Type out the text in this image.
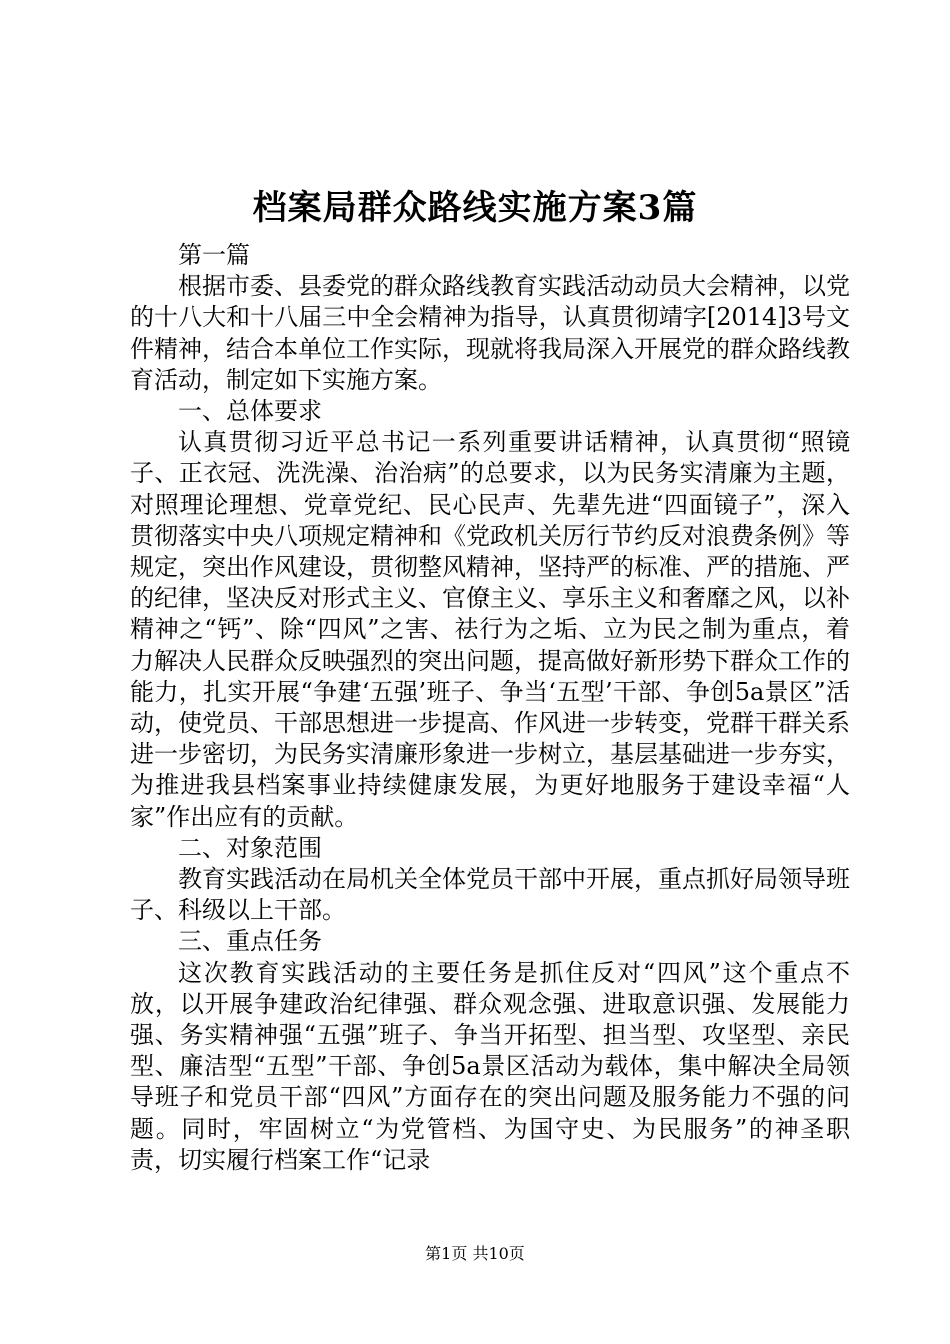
档案局群众路线实施方案3篇

第一篇

根据市委、县委党的群众路线教育实践活动动员大会精神，以党的十八大和十八届三中全会精神为指导，认真贯彻靖字[2014]3号文件精神，结合本单位工作实际，现就将我局深入开展党的群众路线教育活动，制定如下实施方案。

一、总体要求

认真贯彻习近平总书记一系列重要讲话精神，认真贯彻“照镜子、正衣冠、洗洗澡、治治病”的总要求，以为民务实清廉为主题，对照理论理想、党章党纪、民心民声、先辈先进“四面镜子”，深入贯彻落实中央八项规定精神和《党政机关厉行节约反对浪费条例》等规定，突出作风建设，贯彻整风精神，坚持严的标准、严的措施、严的纪律，坚决反对形式主义、官僚主义、享乐主义和奢靡之风，以补精神之“钙”、除“四风”之害、祛行为之垢、立为民之制为重点，着力解决人民群众反映强烈的突出问题，提高做好新形势下群众工作的能力，扎实开展“争建‘五强’班子、争当‘五型’干部、争创5a景区”活动，使党员、干部思想进一步提高、作风进一步转变，党群干群关系进一步密切，为民务实清廉形象进一步树立，基层基础进一步夯实，为推进我县档案事业持续健康发展，为更好地服务于建设幸福“人家”作出应有的贡献。

二、对象范围

教育实践活动在局机关全体党员干部中开展，重点抓好局领导班子、科级以上干部。

三、重点任务

这次教育实践活动的主要任务是抓住反对“四风”这个重点不放，以开展争建政治纪律强、群众观念强、进取意识强、发展能力强、务实精神强“五强”班子、争当开拓型、担当型、攻坚型、亲民型、廉洁型“五型”干部、争创5a景区活动为载体，集中解决全局领导班子和党员干部“四风”方面存在的突出问题及服务能力不强的问题。同时，牢固树立“为党管档、为国守史、为民服务”的神圣职责，切实履行档案工作“记录

第1页 共10页
